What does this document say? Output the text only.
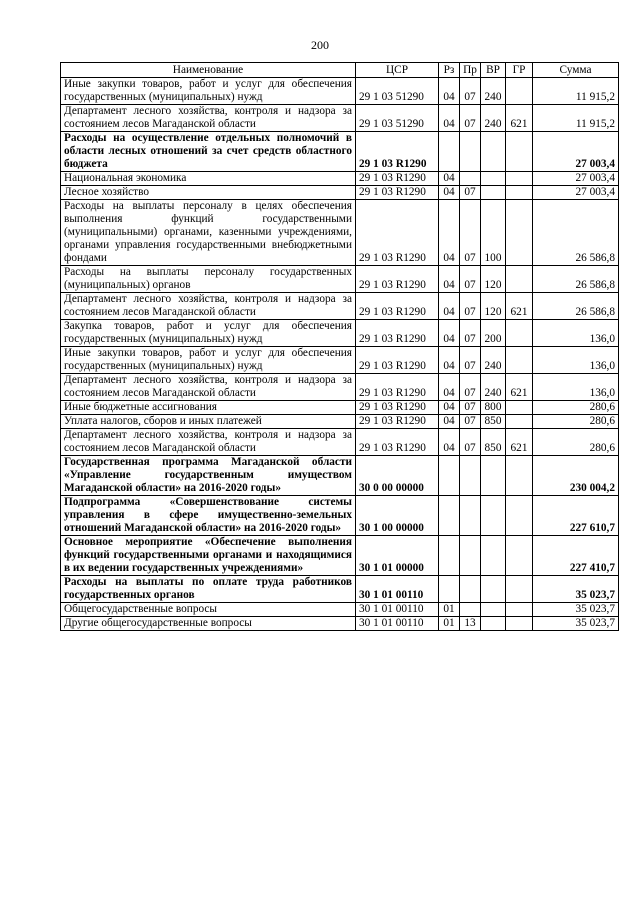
200
Наименование	ЦСР	Рз	Пр	ВР	ГР	Сумма
Иные закупки товаров, работ и услуг для обеспечения государственных (муниципальных) нужд	29 1 03 51290	04	07	240		11 915,2
Департамент лесного хозяйства, контроля и надзора за состоянием лесов Магаданской области	29 1 03 51290	04	07	240	621	11 915,2
Расходы на осуществление отдельных полномочий в области лесных отношений за счет средств областного бюджета	29 1 03 R1290					27 003,4
Национальная экономика	29 1 03 R1290	04				27 003,4
Лесное хозяйство	29 1 03 R1290	04	07			27 003,4
Расходы на выплаты персоналу в целях обеспечения выполнения функций государственными (муниципальными) органами, казенными учреждениями, органами управления государственными внебюджетными фондами	29 1 03 R1290	04	07	100		26 586,8
Расходы на выплаты персоналу государственных (муниципальных) органов	29 1 03 R1290	04	07	120		26 586,8
Департамент лесного хозяйства, контроля и надзора за состоянием лесов Магаданской области	29 1 03 R1290	04	07	120	621	26 586,8
Закупка товаров, работ и услуг для обеспечения государственных (муниципальных) нужд	29 1 03 R1290	04	07	200		136,0
Иные закупки товаров, работ и услуг для обеспечения государственных (муниципальных) нужд	29 1 03 R1290	04	07	240		136,0
Департамент лесного хозяйства, контроля и надзора за состоянием лесов Магаданской области	29 1 03 R1290	04	07	240	621	136,0
Иные бюджетные ассигнования	29 1 03 R1290	04	07	800		280,6
Уплата налогов, сборов и иных платежей	29 1 03 R1290	04	07	850		280,6
Департамент лесного хозяйства, контроля и надзора за состоянием лесов Магаданской области	29 1 03 R1290	04	07	850	621	280,6
Государственная программа Магаданской области «Управление государственным имуществом Магаданской области» на 2016-2020 годы»	30 0 00 00000					230 004,2
Подпрограмма «Совершенствование системы управления в сфере имущественно-земельных отношений Магаданской области» на 2016-2020 годы»	30 1 00 00000					227 610,7
Основное мероприятие «Обеспечение выполнения функций государственными органами и находящимися в их ведении государственных учреждениями»	30 1 01 00000					227 410,7
Расходы на выплаты по оплате труда работников государственных органов	30 1 01 00110					35 023,7
Общегосударственные вопросы	30 1 01 00110	01				35 023,7
Другие общегосударственные вопросы	30 1 01 00110	01	13			35 023,7
